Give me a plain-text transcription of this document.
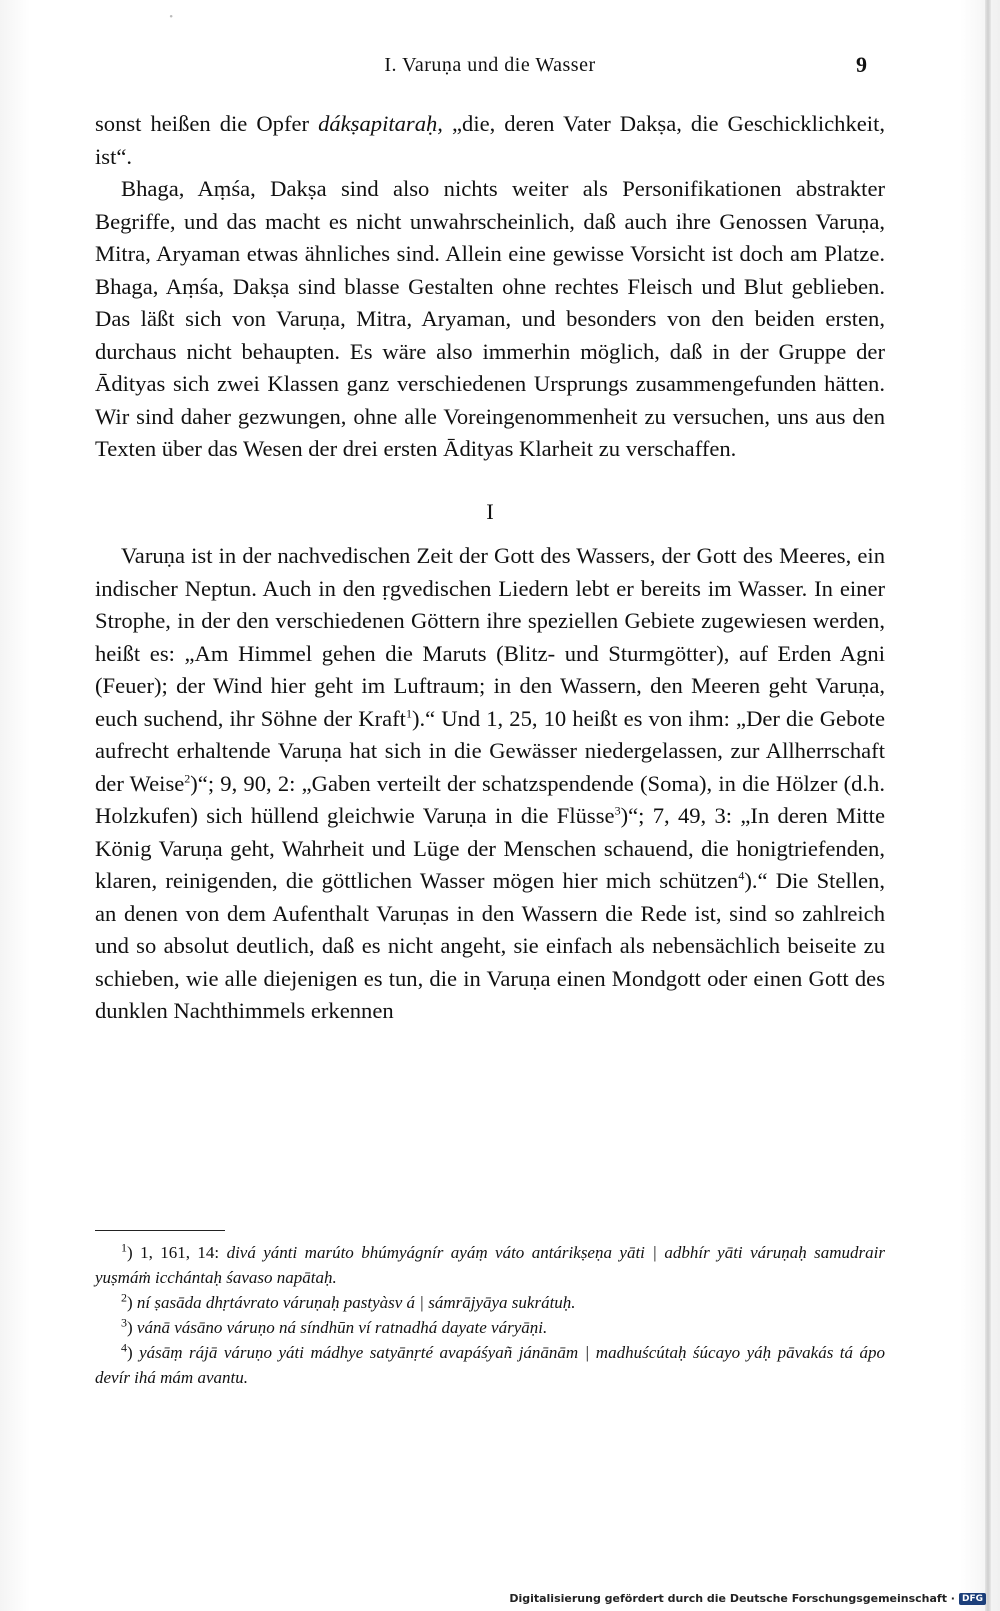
·
I. Varuṇa und die Wasser	9

sonst heißen die Opfer dákṣapitaraḥ, „die, deren Vater Dakṣa, die Geschicklichkeit, ist“.

Bhaga, Aṃśa, Dakṣa sind also nichts weiter als Personifikationen abstrakter Begriffe, und das macht es nicht unwahrscheinlich, daß auch ihre Genossen Varuṇa, Mitra, Aryaman etwas ähnliches sind. Allein eine gewisse Vorsicht ist doch am Platze. Bhaga, Aṃśa, Dakṣa sind blasse Gestalten ohne rechtes Fleisch und Blut geblieben. Das läßt sich von Varuṇa, Mitra, Aryaman, und besonders von den beiden ersten, durchaus nicht behaupten. Es wäre also immerhin möglich, daß in der Gruppe der Ādityas sich zwei Klassen ganz verschiedenen Ursprungs zusammengefunden hätten. Wir sind daher gezwungen, ohne alle Voreingenommenheit zu versuchen, uns aus den Texten über das Wesen der drei ersten Ādityas Klarheit zu verschaffen.

I

Varuṇa ist in der nachvedischen Zeit der Gott des Wassers, der Gott des Meeres, ein indischer Neptun. Auch in den ṛgvedischen Liedern lebt er bereits im Wasser. In einer Strophe, in der den verschiedenen Göttern ihre speziellen Gebiete zugewiesen werden, heißt es: „Am Himmel gehen die Maruts (Blitz- und Sturmgötter), auf Erden Agni (Feuer); der Wind hier geht im Luftraum; in den Wassern, den Meeren geht Varuṇa, euch suchend, ihr Söhne der Kraft$^1$).“ Und 1, 25, 10 heißt es von ihm: „Der die Gebote aufrecht erhaltende Varuṇa hat sich in die Gewässer niedergelassen, zur Allherrschaft der Weise$^2$)“; 9, 90, 2: „Gaben verteilt der schatzspendende (Soma), in die Hölzer (d.h. Holzkufen) sich hüllend gleichwie Varuṇa in die Flüsse$^3$)“; 7, 49, 3: „In deren Mitte König Varuṇa geht, Wahrheit und Lüge der Menschen schauend, die honigtriefenden, klaren, reinigenden, die göttlichen Wasser mögen hier mich schützen$^4$).“ Die Stellen, an denen von dem Aufenthalt Varuṇas in den Wassern die Rede ist, sind so zahlreich und so absolut deutlich, daß es nicht angeht, sie einfach als nebensächlich beiseite zu schieben, wie alle diejenigen es tun, die in Varuṇa einen Mondgott oder einen Gott des dunklen Nachthimmels erkennen

$^1$) 1, 161, 14: divá yánti marúto bhúmyágnír ayáṃ váto antárikṣeṇa yāti | adbhír yāti váruṇaḥ samudrair yuṣmáṁ icchántaḥ śavaso napātaḥ.

$^2$) ní ṣasāda dhṛtávrato váruṇaḥ pastyàsv á | sámrājyāya sukrátuḥ.

$^3$) vánā vásāno váruṇo ná síndhūn ví ratnadhá dayate váryāṇi.

$^4$) yásāṃ rájā váruṇo yáti mádhye satyānṛté avapáśyañ jánānām | madhuścútaḥ śúcayo yáḥ pāvakás tá ápo devír ihá mám avantu.

Digitalisierung gefördert durch die Deutsche Forschungsgemeinschaft · DFG
